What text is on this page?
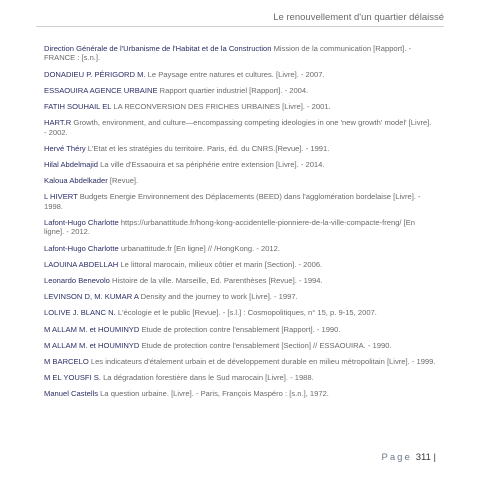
Le renouvellement d'un quartier délaissé
Direction Générale de l'Urbanisme de l'Habitat et de la Construction Mission de la communication [Rapport]. - FRANCE : [s.n.].
DONADIEU P. PÉRIGORD M. Le Paysage entre natures et cultures. [Livre]. - 2007.
ESSAOUIRA AGENCE URBAINE Rapport quartier industriel [Rapport]. - 2004.
FATIH SOUHAIL EL LA RECONVERSION DES FRICHES URBAINES [Livre]. - 2001.
HART.R Growth, environment, and culture—encompassing competing ideologies in one 'new growth' model' [Livre]. - 2002.
Hervé Théry L'Etat et les stratégies du territoire. Paris, éd. du CNRS.[Revue]. - 1991.
Hilal Abdelmajid La ville d'Essaouira et sa périphérie entre extension [Livre]. - 2014.
Kaloua Abdelkader [Revue].
L HIVERT Budgets Energie Environnement des Déplacements (BEED) dans l'agglomération bordelaise [Livre]. - 1998.
Lafont-Hugo Charlotte https://urbanattitude.fr/hong-kong-accidentelle-pionniere-de-la-ville-compacte-freng/ [En ligne]. - 2012.
Lafont-Hugo Charlotte urbanattitude.fr [En ligne] // /HongKong. - 2012.
LAOUINA ABDELLAH Le littoral marocain, milieux côtier et marin [Section]. - 2006.
Leonardo Benevolo Histoire de la ville. Marseille, Ed. Parenthèses [Revue]. - 1994.
LEVINSON D, M. KUMAR A Density and the journey to work [Livre]. - 1997.
LOLIVE J. BLANC N. L'écologie et le public [Revue]. - [s.l.] : Cosmopolitiques, n° 15, p. 9-15, 2007.
M ALLAM M. et HOUMINYD Etude de protection contre l'ensablement [Rapport]. - 1990.
M ALLAM M. et HOUMINYD Etude de protection contre l'ensablement [Section] // ESSAOUIRA. - 1990.
M BARCELO Les indicateurs d'étalement urbain et de développement durable en milieu métropolitain [Livre]. - 1999.
M EL YOUSFI S. La dégradation forestière dans le Sud marocain [Livre]. - 1988.
Manuel Castells La question urbaine. [Livre]. - Paris, François Maspéro : [s.n.], 1972.
Page 311 |
